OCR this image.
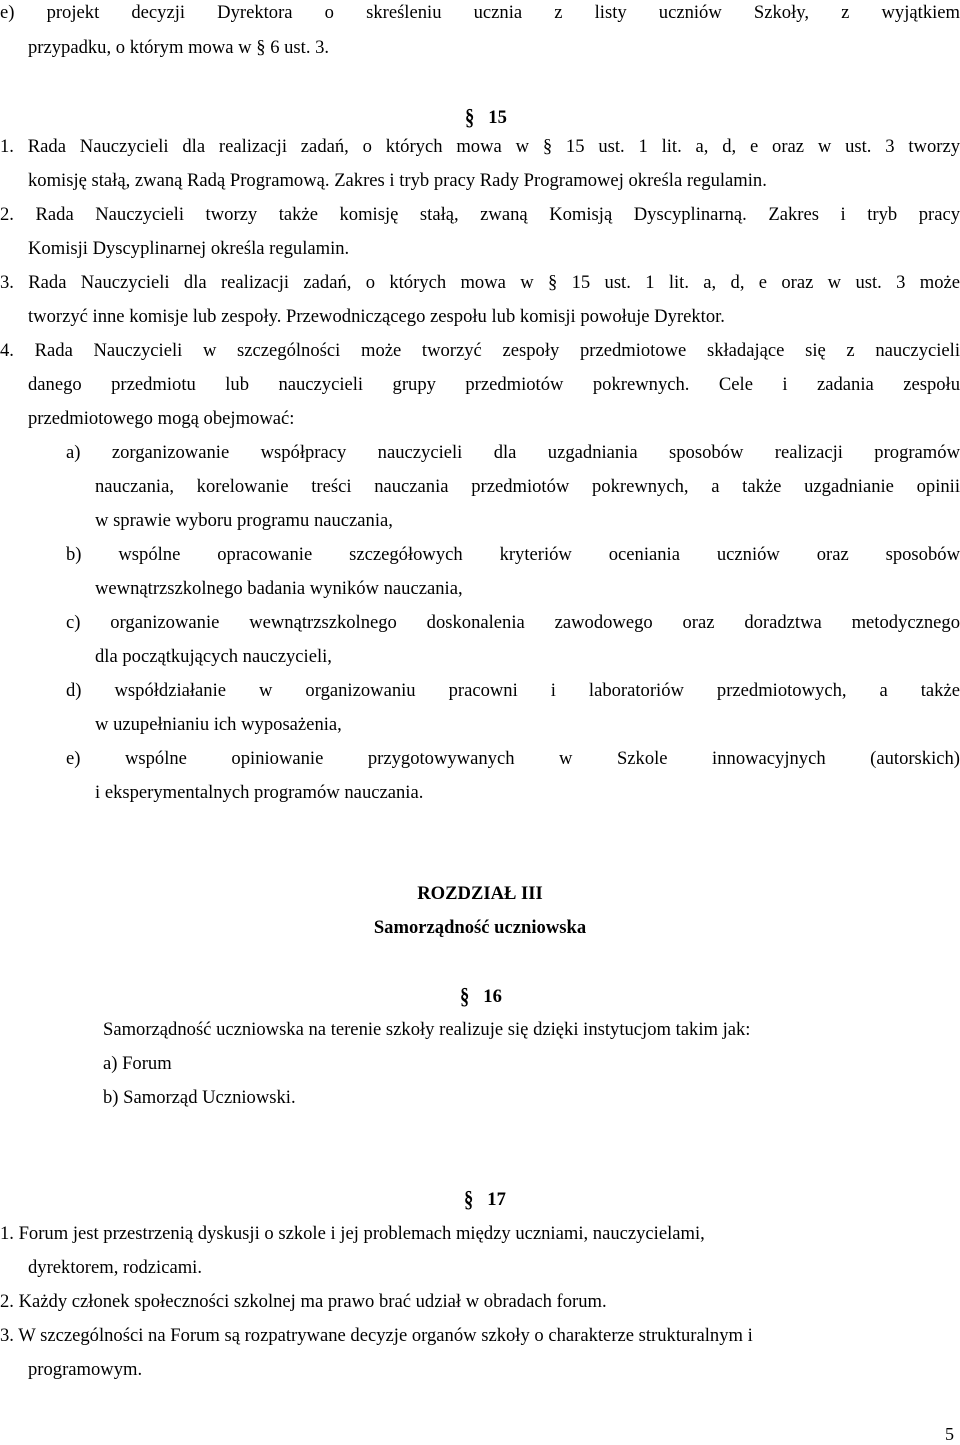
e) projekt decyzji Dyrektora o skreśleniu ucznia z listy uczniów Szkoły, z wyjątkiem
przypadku, o którym mowa w § 6 ust. 3.
§ 15
1. Rada Nauczycieli dla realizacji zadań, o których mowa w § 15 ust. 1 lit. a, d, e oraz w ust. 3 tworzy
komisję stałą, zwaną Radą Programową. Zakres i tryb pracy Rady Programowej określa regulamin.
2. Rada Nauczycieli tworzy także komisję stałą, zwaną Komisją Dyscyplinarną. Zakres i tryb pracy
Komisji Dyscyplinarnej określa regulamin.
3. Rada Nauczycieli dla realizacji zadań, o których mowa w § 15 ust. 1 lit. a, d, e oraz w ust. 3 może
tworzyć inne komisje lub zespoły. Przewodniczącego zespołu lub komisji powołuje Dyrektor.
4. Rada Nauczycieli w szczególności może tworzyć zespoły przedmiotowe składające się z nauczycieli
danego przedmiotu lub nauczycieli grupy przedmiotów pokrewnych. Cele i zadania zespołu
przedmiotowego mogą obejmować:
a) zorganizowanie współpracy nauczycieli dla uzgadniania sposobów realizacji programów
nauczania, korelowanie treści nauczania przedmiotów pokrewnych, a także uzgadnianie opinii
w sprawie wyboru programu nauczania,
b) wspólne opracowanie szczegółowych kryteriów oceniania uczniów oraz sposobów
wewnątrzszkolnego badania wyników nauczania,
c) organizowanie wewnątrzszkolnego doskonalenia zawodowego oraz doradztwa metodycznego
dla początkujących nauczycieli,
d) współdziałanie w organizowaniu pracowni i laboratoriów przedmiotowych, a także
w uzupełnianiu ich wyposażenia,
e) wspólne opiniowanie przygotowywanych w Szkole innowacyjnych (autorskich)
i eksperymentalnych programów nauczania.
ROZDZIAŁ III
Samorządność uczniowska
§ 16
Samorządność uczniowska na terenie szkoły realizuje się dzięki instytucjom takim jak:
a) Forum
b) Samorząd Uczniowski.
§ 17
1. Forum jest przestrzenią dyskusji o szkole i jej problemach między uczniami, nauczycielami,
dyrektorem, rodzicami.
2. Każdy członek społeczności szkolnej ma prawo brać udział w obradach forum.
3. W szczególności na Forum są rozpatrywane decyzje organów szkoły o charakterze strukturalnym i
programowym.
5
